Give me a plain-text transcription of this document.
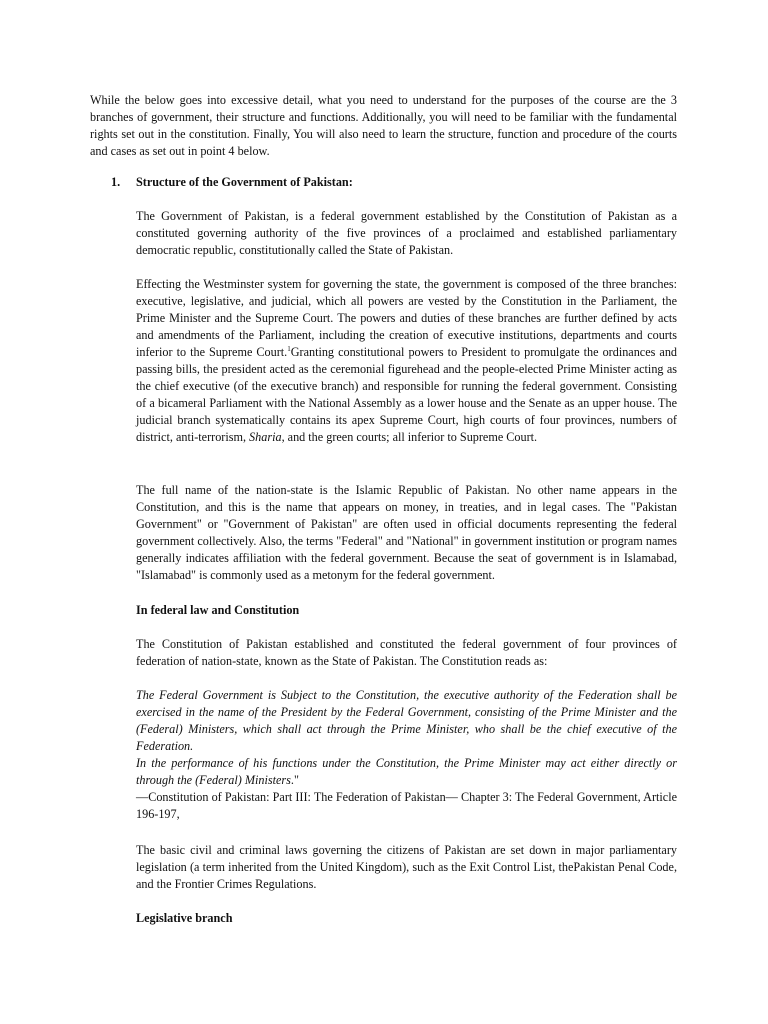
While the below goes into excessive detail, what you need to understand for the purposes of the course are the 3 branches of government, their structure and functions. Additionally, you will need to be familiar with the fundamental rights set out in the constitution. Finally, You will also need to learn the structure, function and procedure of the courts and cases as set out in point 4 below.

1. Structure of the Government of Pakistan:

The Government of Pakistan, is a federal government established by the Constitution of Pakistan as a constituted governing authority of the five provinces of a proclaimed and established parliamentary democratic republic, constitutionally called the State of Pakistan.

Effecting the Westminster system for governing the state, the government is composed of the three branches: executive, legislative, and judicial, which all powers are vested by the Constitution in the Parliament, the Prime Minister and the Supreme Court. The powers and duties of these branches are further defined by acts and amendments of the Parliament, including the creation of executive institutions, departments and courts inferior to the Supreme Court.$^1$Granting constitutional powers to President to promulgate the ordinances and passing bills, the president acted as the ceremonial figurehead and the people-elected Prime Minister acting as the chief executive (of the executive branch) and responsible for running the federal government. Consisting of a bicameral Parliament with the National Assembly as a lower house and the Senate as an upper house. The judicial branch systematically contains its apex Supreme Court, high courts of four provinces, numbers of district, anti-terrorism, Sharia, and the green courts; all inferior to Supreme Court.

The full name of the nation-state is the Islamic Republic of Pakistan. No other name appears in the Constitution, and this is the name that appears on money, in treaties, and in legal cases. The "Pakistan Government" or "Government of Pakistan" are often used in official documents representing the federal government collectively. Also, the terms "Federal" and "National" in government institution or program names generally indicates affiliation with the federal government. Because the seat of government is in Islamabad, "Islamabad" is commonly used as a metonym for the federal government.

In federal law and Constitution

The Constitution of Pakistan established and constituted the federal government of four provinces of federation of nation-state, known as the State of Pakistan. The Constitution reads as:

The Federal Government is Subject to the Constitution, the executive authority of the Federation shall be exercised in the name of the President by the Federal Government, consisting of the Prime Minister and the (Federal) Ministers, which shall act through the Prime Minister, who shall be the chief executive of the Federation.
In the performance of his functions under the Constitution, the Prime Minister may act either directly or through the (Federal) Ministers."
—Constitution of Pakistan: Part III: The Federation of Pakistan— Chapter 3: The Federal Government, Article 196-197,

The basic civil and criminal laws governing the citizens of Pakistan are set down in major parliamentary legislation (a term inherited from the United Kingdom), such as the Exit Control List, thePakistan Penal Code, and the Frontier Crimes Regulations.

Legislative branch
